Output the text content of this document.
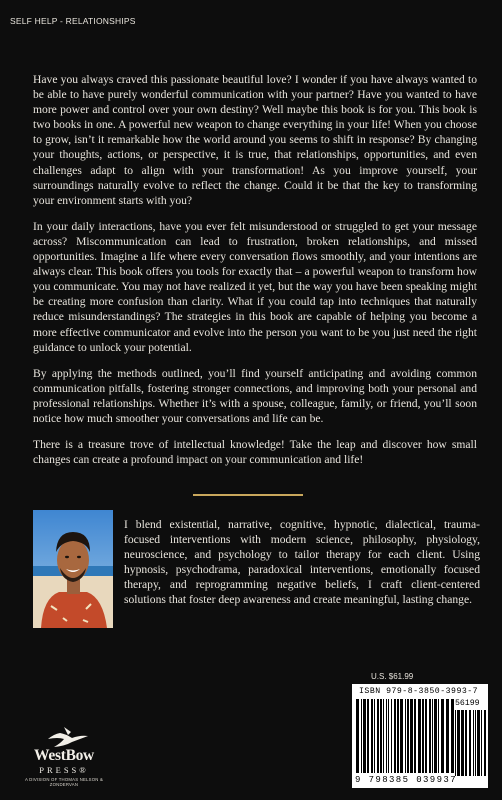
SELF HELP - RELATIONSHIPS

Have you always craved this passionate beautiful love? I wonder if you have always wanted to be able to have purely wonderful communication with your partner? Have you wanted to have more power and control over your own destiny? Well maybe this book is for you. This book is two books in one. A powerful new weapon to change everything in your life! When you choose to grow, isn’t it remarkable how the world around you seems to shift in response? By changing your thoughts, actions, or perspective, it is true, that relationships, opportunities, and even challenges adapt to align with your transformation! As you improve yourself, your surroundings naturally evolve to reflect the change. Could it be that the key to transforming your environment starts with you?

In your daily interactions, have you ever felt misunderstood or struggled to get your message across? Miscommunication can lead to frustration, broken relationships, and missed opportunities. Imagine a life where every conversation flows smoothly, and your intentions are always clear. This book offers you tools for exactly that – a powerful weapon to transform how you communicate. You may not have realized it yet, but the way you have been speaking might be creating more confusion than clarity. What if you could tap into techniques that naturally reduce misunderstandings? The strategies in this book are capable of helping you become a more effective communicator and evolve into the person you want to be you just need the right guidance to unlock your potential.

By applying the methods outlined, you’ll find yourself anticipating and avoiding common communication pitfalls, fostering stronger connections, and improving both your personal and professional relationships. Whether it’s with a spouse, colleague, family, or friend, you’ll soon notice how much smoother your conversations and life can be.

There is a treasure trove of intellectual knowledge! Take the leap and discover how small changes can create a profound impact on your communication and life!

I blend existential, narrative, cognitive, hypnotic, dialectical, trauma-focused interventions with modern science, philosophy, physiology, neuroscience, and psychology to tailor therapy for each client. Using hypnosis, psychodrama, paradoxical interventions, emotionally focused therapy, and reprogramming negative beliefs, I craft client-centered solutions that foster deep awareness and create meaningful, lasting change.

U.S. $61.99
ISBN 979-8-3850-3993-7
56199
9 798385 039937
WestBow
PRESS®
A DIVISION OF THOMAS NELSON & ZONDERVAN
